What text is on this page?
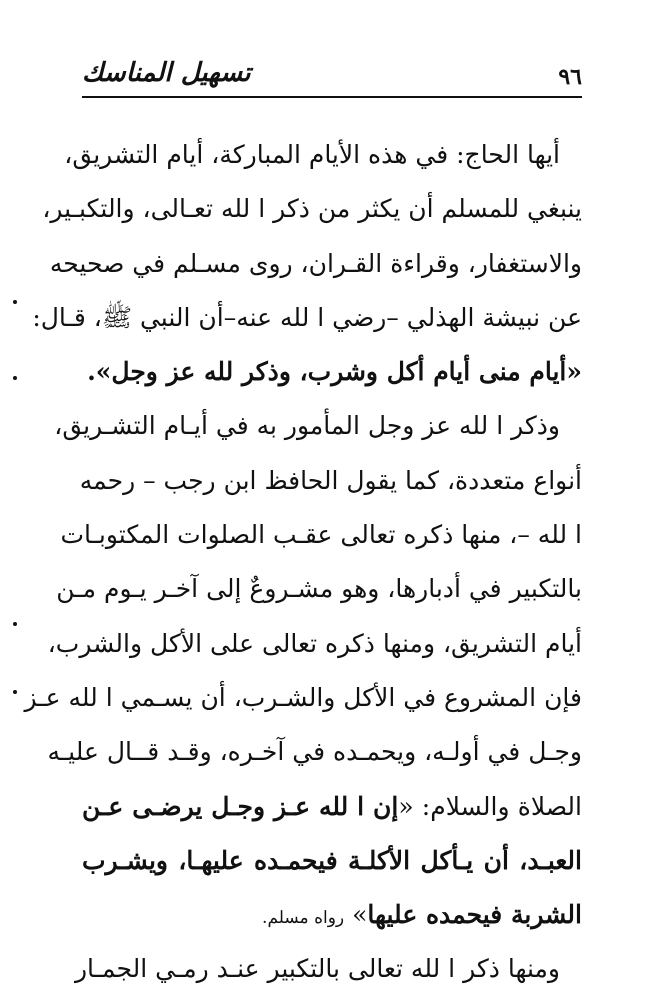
٩٦
تسهيل المناسك
أيها الحاج: في هذه الأيام المباركة، أيام التشريق،
ينبغي للمسلم أن يكثر من ذكر ا لله تعـالى، والتكبـير،
والاستغفار، وقراءة القـران، روى مسـلم في صحيحه
عن نبيشة الهذلي –رضي ا لله عنه–أن النبي ﷺ، قـال:
«أيام منى أيام أكل وشرب، وذكر لله عز وجل».
وذكر ا لله عز وجل المأمور به في أيـام التشـريق،
أنواع متعددة، كما يقول الحافظ ابن رجب – رحمه
ا لله –، منها ذكره تعالى عقـب الصلوات المكتوبـات
بالتكبير في أدبارها، وهو مشـروعٌ إلى آخـر يـوم مـن
أيام التشريق، ومنها ذكره تعالى على الأكل والشرب،
فإن المشروع في الأكل والشـرب، أن يسـمي ا لله عـز
وجـل في أولـه، ويحمـده في آخـره، وقـد قــال عليـه
الصلاة والسلام: «إن ا لله عـز وجـل يرضـى عـن
العبـد، أن يـأكل الأكلـة فيحمـده عليهـا، ويشـرب
الشربة فيحمده عليها» رواه مسلم.
ومنها ذكر ا لله تعالى بالتكبير عنـد رمـي الجمـار
